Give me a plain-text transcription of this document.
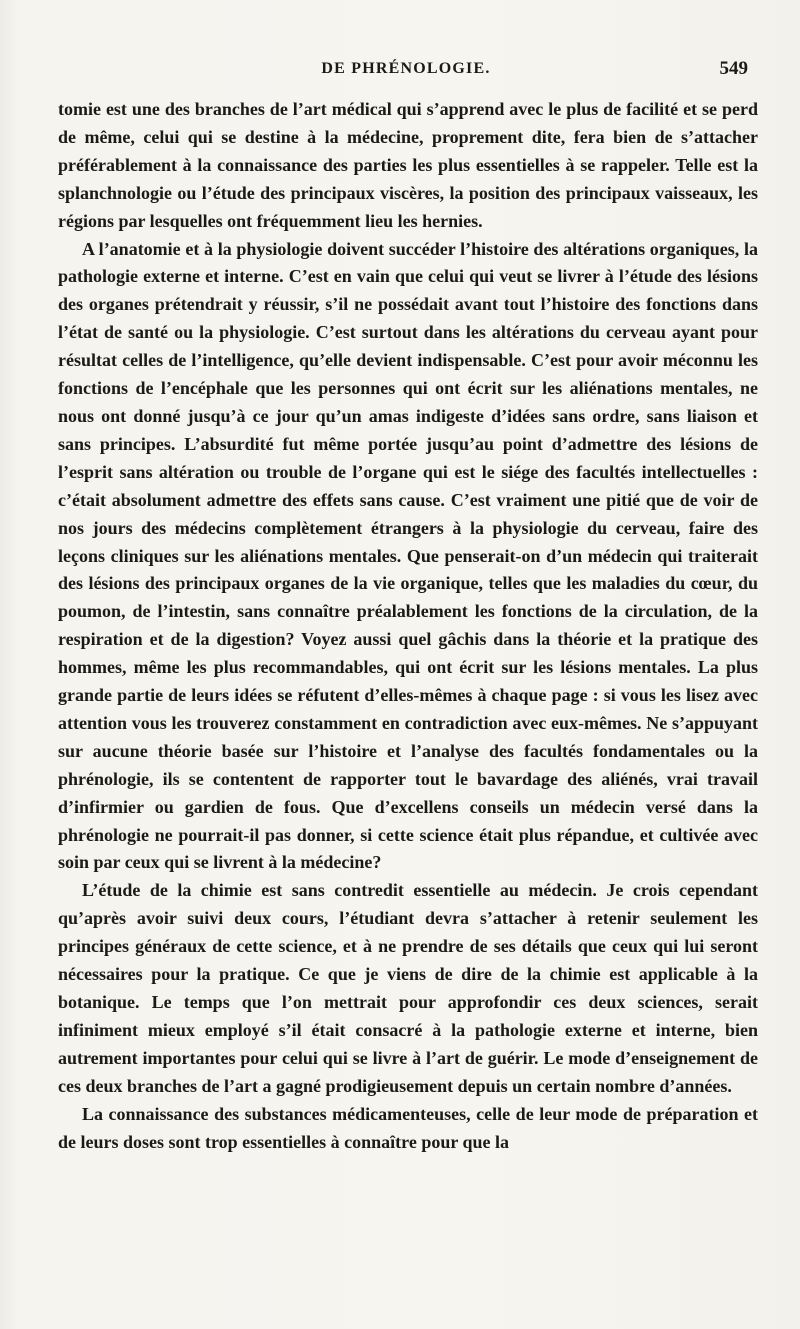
DE PHRÉNOLOGIE.	549

tomie est une des branches de l’art médical qui s’apprend avec le plus de facilité et se perd de même, celui qui se destine à la médecine, proprement dite, fera bien de s’attacher préférablement à la connaissance des parties les plus essentielles à se rappeler. Telle est la splanchnologie ou l’étude des principaux viscères, la position des principaux vaisseaux, les régions par lesquelles ont fréquemment lieu les hernies.

A l’anatomie et à la physiologie doivent succéder l’histoire des altérations organiques, la pathologie externe et interne. C’est en vain que celui qui veut se livrer à l’étude des lésions des organes prétendrait y réussir, s’il ne possédait avant tout l’histoire des fonctions dans l’état de santé ou la physiologie. C’est surtout dans les altérations du cerveau ayant pour résultat celles de l’intelligence, qu’elle devient indispensable. C’est pour avoir méconnu les fonctions de l’encéphale que les personnes qui ont écrit sur les aliénations mentales, ne nous ont donné jusqu’à ce jour qu’un amas indigeste d’idées sans ordre, sans liaison et sans principes. L’absurdité fut même portée jusqu’au point d’admettre des lésions de l’esprit sans altération ou trouble de l’organe qui est le siége des facultés intellectuelles : c’était absolument admettre des effets sans cause. C’est vraiment une pitié que de voir de nos jours des médecins complètement étrangers à la physiologie du cerveau, faire des leçons cliniques sur les aliénations mentales. Que penserait-on d’un médecin qui traiterait des lésions des principaux organes de la vie organique, telles que les maladies du cœur, du poumon, de l’intestin, sans connaître préalablement les fonctions de la circulation, de la respiration et de la digestion? Voyez aussi quel gâchis dans la théorie et la pratique des hommes, même les plus recommandables, qui ont écrit sur les lésions mentales. La plus grande partie de leurs idées se réfutent d’elles-mêmes à chaque page : si vous les lisez avec attention vous les trouverez constamment en contradiction avec eux-mêmes. Ne s’appuyant sur aucune théorie basée sur l’histoire et l’analyse des facultés fondamentales ou la phrénologie, ils se contentent de rapporter tout le bavardage des aliénés, vrai travail d’infirmier ou gardien de fous. Que d’excellens conseils un médecin versé dans la phrénologie ne pourrait-il pas donner, si cette science était plus répandue, et cultivée avec soin par ceux qui se livrent à la médecine?

L’étude de la chimie est sans contredit essentielle au médecin. Je crois cependant qu’après avoir suivi deux cours, l’étudiant devra s’attacher à retenir seulement les principes généraux de cette science, et à ne prendre de ses détails que ceux qui lui seront nécessaires pour la pratique. Ce que je viens de dire de la chimie est applicable à la botanique. Le temps que l’on mettrait pour approfondir ces deux sciences, serait infiniment mieux employé s’il était consacré à la pathologie externe et interne, bien autrement importantes pour celui qui se livre à l’art de guérir. Le mode d’enseignement de ces deux branches de l’art a gagné prodigieusement depuis un certain nombre d’années.

La connaissance des substances médicamenteuses, celle de leur mode de préparation et de leurs doses sont trop essentielles à connaître pour que la
